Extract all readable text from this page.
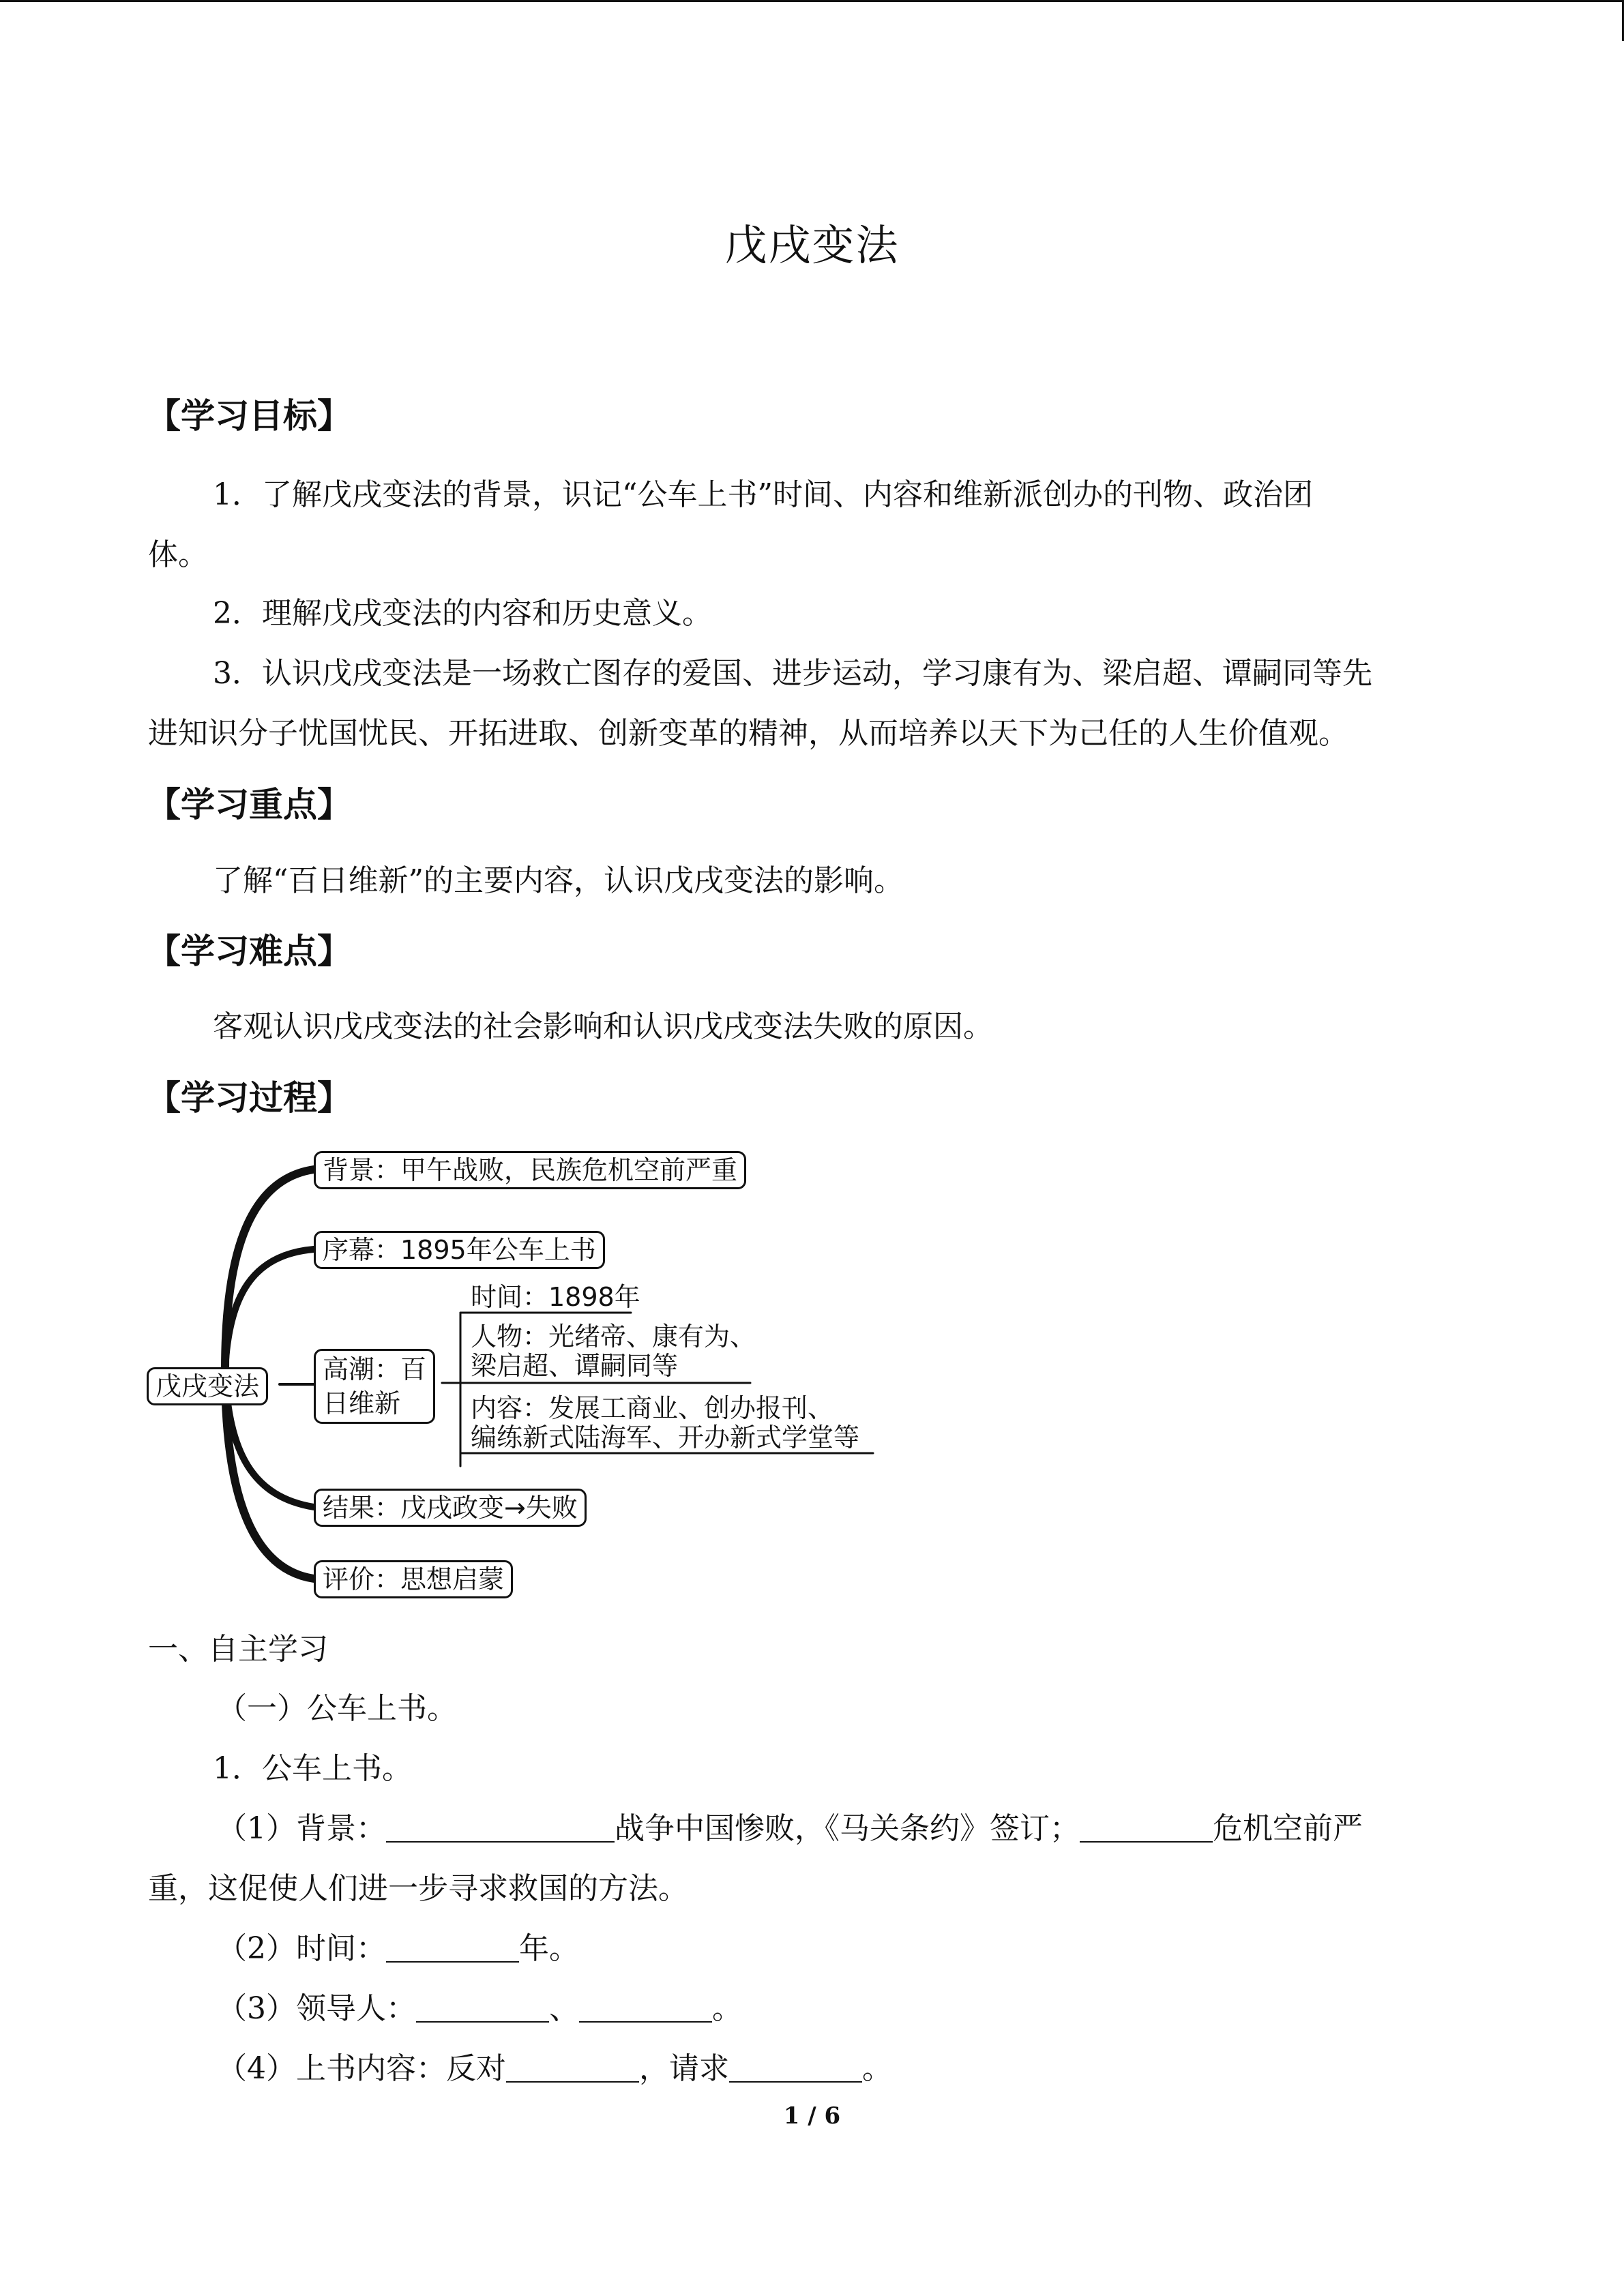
戊戌变法
【学习目标】
1．了解戊戌变法的背景，识记“公车上书”时间、内容和维新派创办的刊物、政治团
体。
2．理解戊戌变法的内容和历史意义。
3．认识戊戌变法是一场救亡图存的爱国、进步运动，学习康有为、梁启超、谭嗣同等先
进知识分子忧国忧民、开拓进取、创新变革的精神，从而培养以天下为己任的人生价值观。
【学习重点】
了解“百日维新”的主要内容，认识戊戌变法的影响。
【学习难点】
客观认识戊戌变法的社会影响和认识戊戌变法失败的原因。
【学习过程】
戊戌变法
背景：甲午战败，民族危机空前严重
序幕：1895年公车上书
高潮：百
日维新
时间：1898年
人物：光绪帝、康有为、
梁启超、谭嗣同等
内容：发展工商业、创办报刊、
编练新式陆海军、开办新式学堂等
结果：戊戌政变→失败
评价：思想启蒙
一、自主学习
（一）公车上书。
1．公车上书。
（1）背景：	战争中国惨败，《马关条约》签订；	危机空前严
重，这促使人们进一步寻求救国的方法。
（2）时间：	年。
（3）领导人：	、	。
（4）上书内容：反对	，请求	。
1 / 6
